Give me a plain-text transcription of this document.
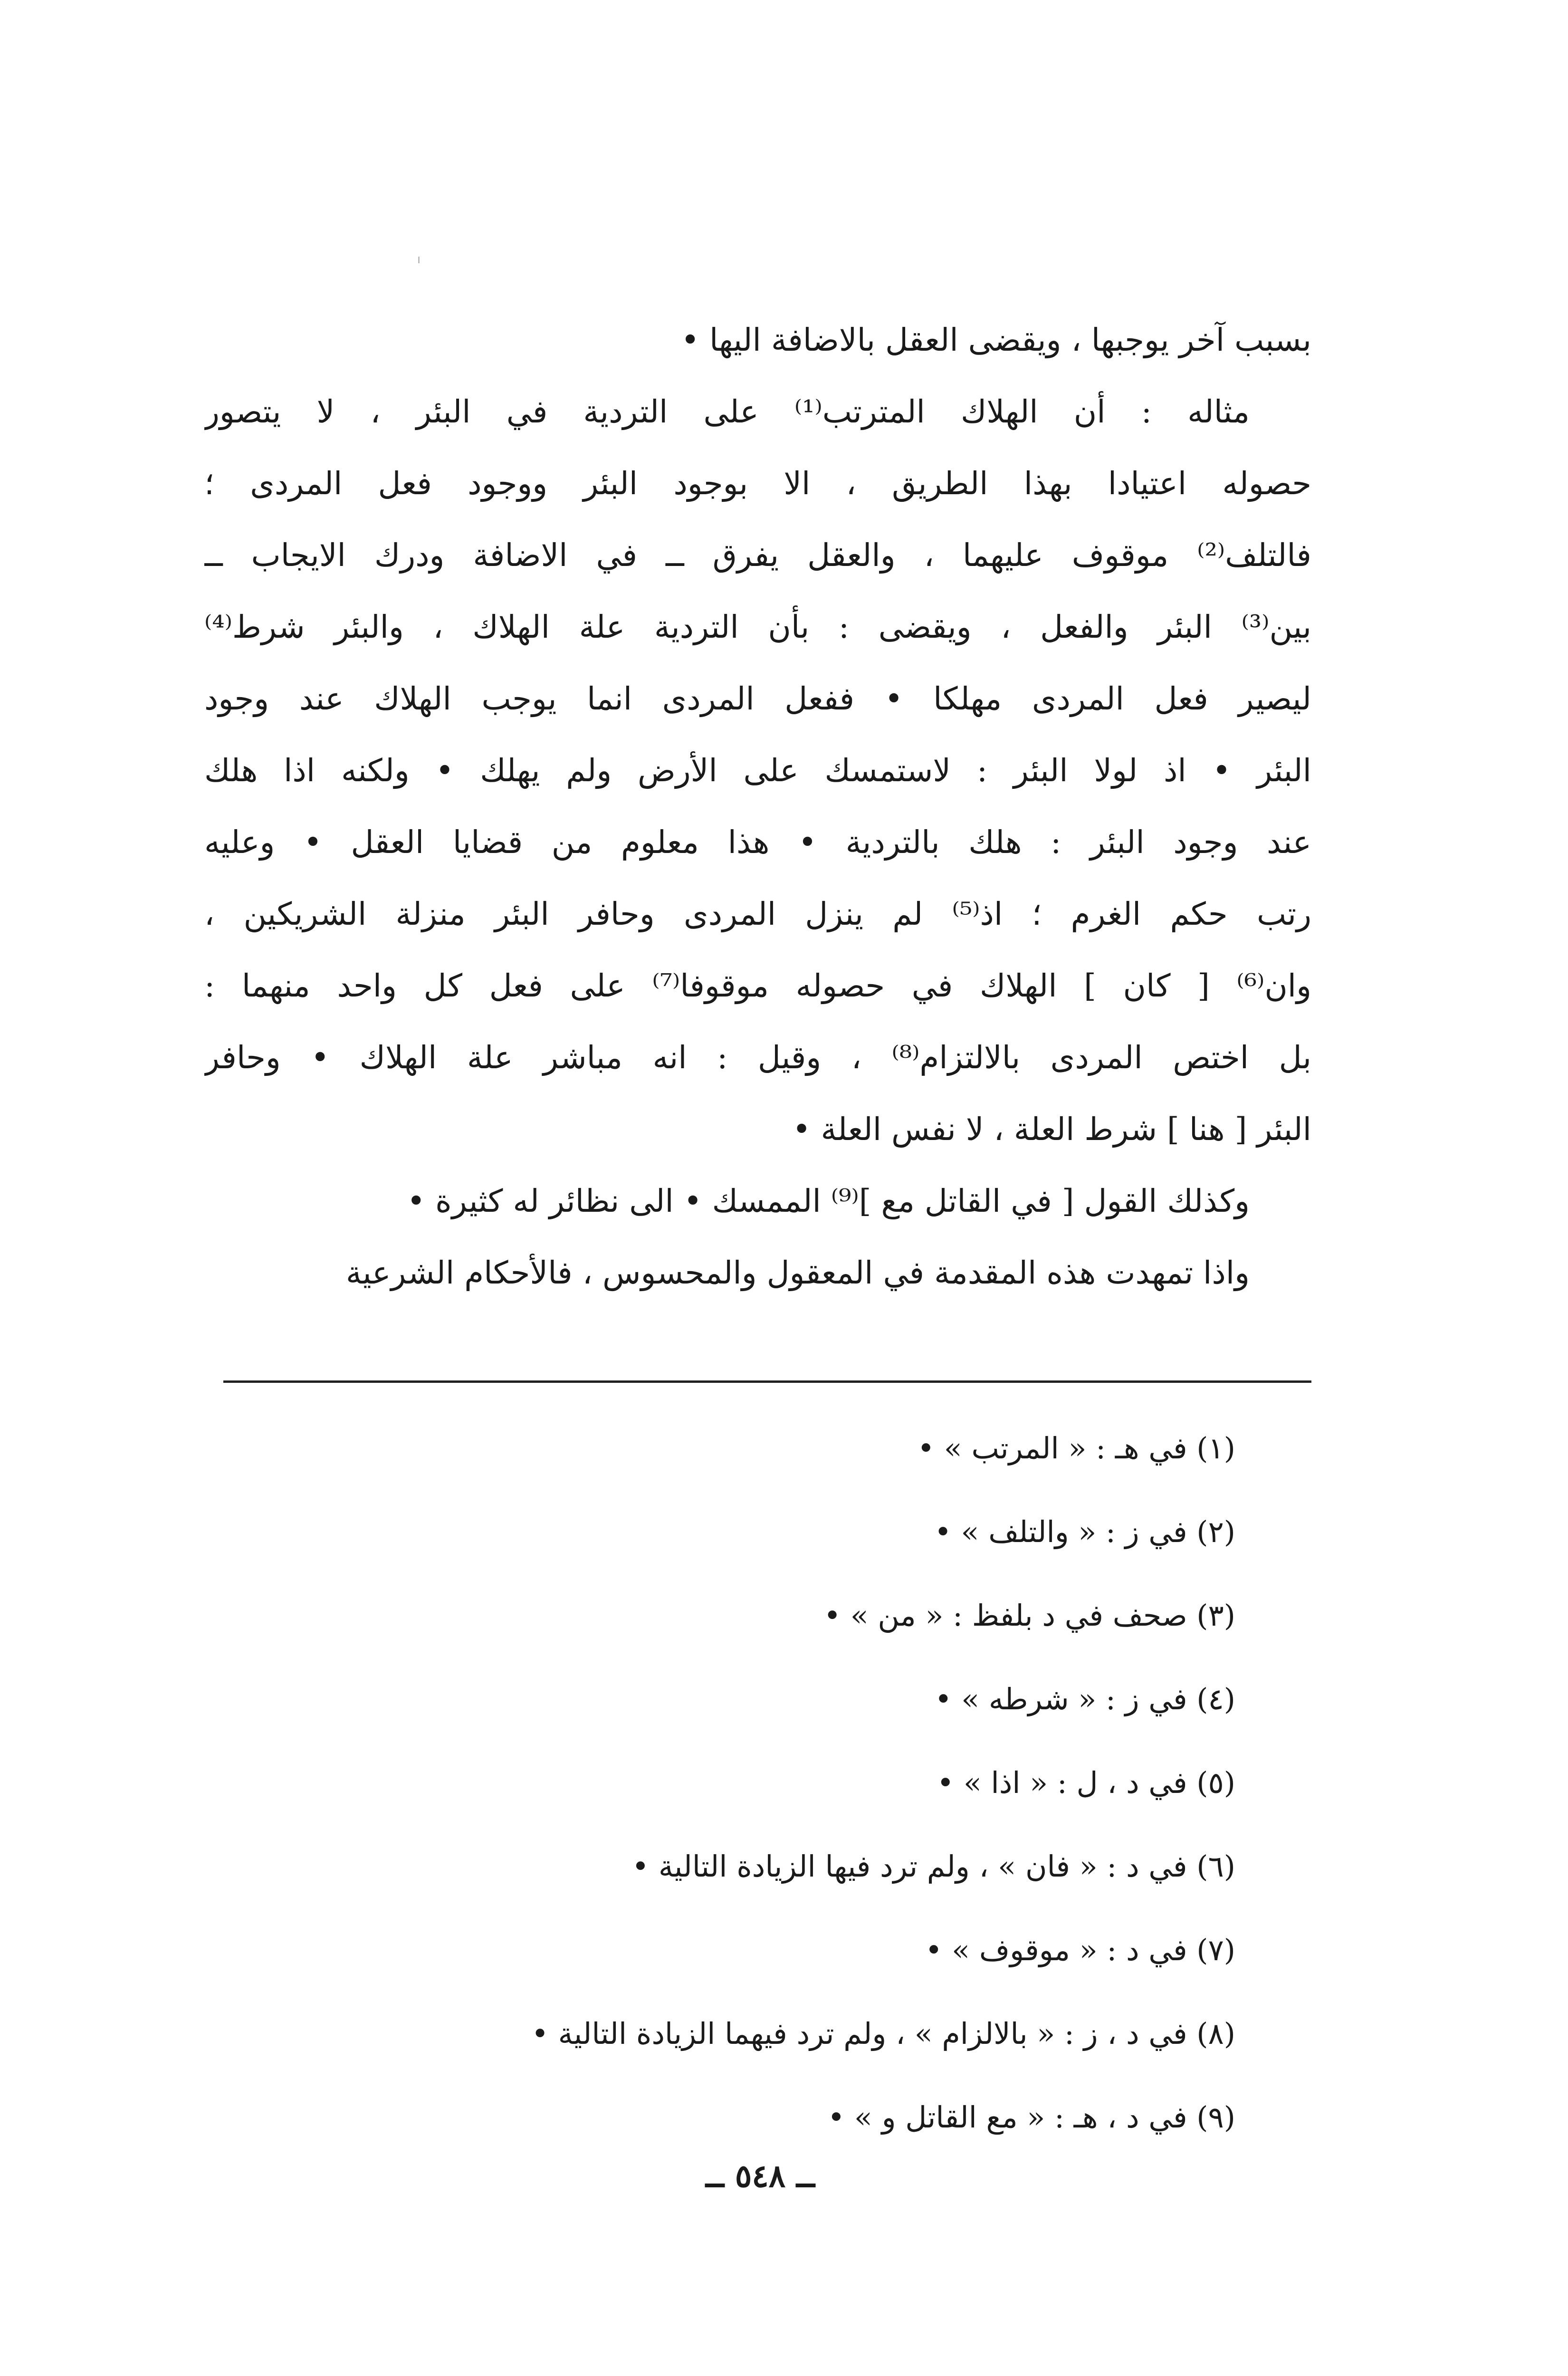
بسبب آخر يوجبها ، ويقضى العقل بالاضافة اليها •
مثاله : أن الهلاك المترتب⁽¹⁾ على التردية في البئر ، لا يتصور
حصوله اعتيادا بهذا الطريق ، الا بوجود البئر ووجود فعل المردى ؛
فالتلف⁽²⁾ موقوف عليهما ، والعقل يفرق ــ في الاضافة ودرك الايجاب ــ
بين⁽³⁾ البئر والفعل ، ويقضى : بأن التردية علة الهلاك ، والبئر شرط⁽⁴⁾
ليصير فعل المردى مهلكا • ففعل المردى انما يوجب الهلاك عند وجود
البئر • اذ لولا البئر : لاستمسك على الأرض ولم يهلك • ولكنه اذا هلك
عند وجود البئر : هلك بالتردية • هذا معلوم من قضايا العقل • وعليه
رتب حكم الغرم ؛ اذ⁽⁵⁾ لم ينزل المردى وحافر البئر منزلة الشريكين ،
وان⁽⁶⁾ [ كان ] الهلاك في حصوله موقوفا⁽⁷⁾ على فعل كل واحد منهما :
بل اختص المردى بالالتزام⁽⁸⁾ ، وقيل : انه مباشر علة الهلاك • وحافر
البئر [ هنا ] شرط العلة ، لا نفس العلة •
وكذلك القول [ في القاتل مع ]⁽⁹⁾ الممسك • الى نظائر له كثيرة •
واذا تمهدت هذه المقدمة في المعقول والمحسوس ، فالأحكام الشرعية
(١) في هـ : « المرتب » •
(٢) في ز : « والتلف » •
(٣) صحف في د بلفظ : « من » •
(٤) في ز : « شرطه » •
(٥) في د ، ل : « اذا » •
(٦) في د : « فان » ، ولم ترد فيها الزيادة التالية •
(٧) في د : « موقوف » •
(٨) في د ، ز : « بالالزام » ، ولم ترد فيهما الزيادة التالية •
(٩) في د ، هـ : « مع القاتل و » •
ــ ٥٤٨ ــ
